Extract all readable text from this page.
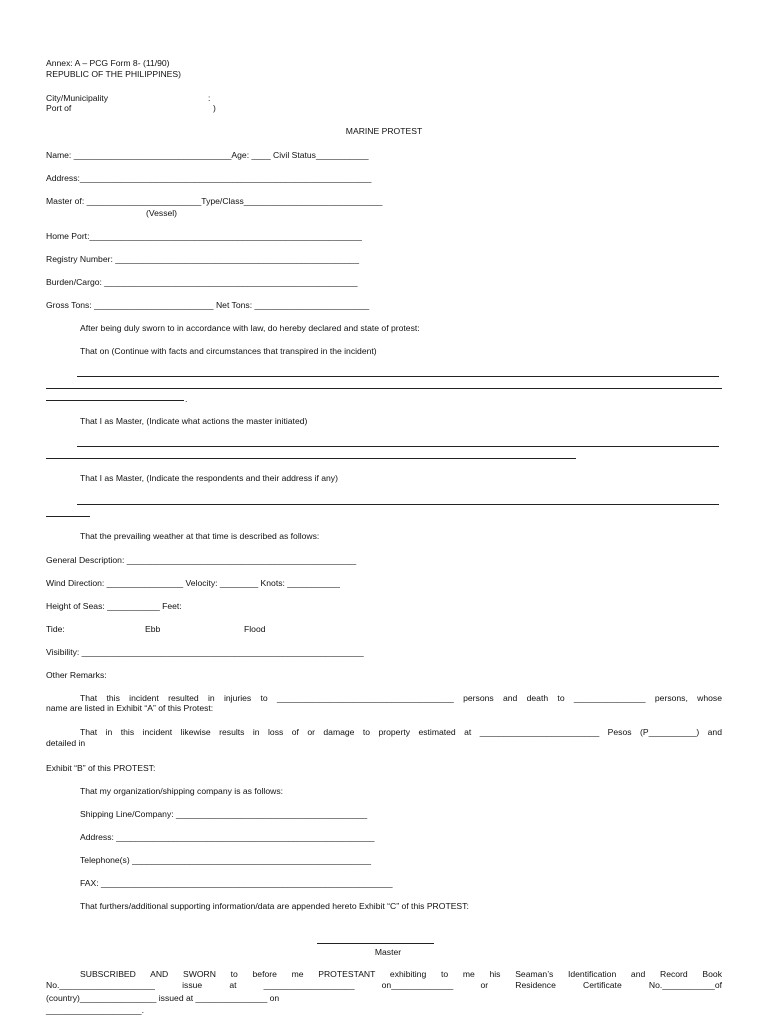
Annex: A – PCG Form 8- (11/90)
REPUBLIC OF THE PHILIPPINES)
City/Municipality	:
Port of	)
MARINE PROTEST
Name: _________________________________Age: ____ Civil Status___________
Address:_____________________________________________________________
Master of: ________________________Type/Class_____________________________
(Vessel)
Home Port:_________________________________________________________
Registry Number: ___________________________________________________
Burden/Cargo: _____________________________________________________
Gross Tons: _________________________ Net Tons: ________________________
After being duly sworn to in accordance with law, do hereby declared and state of protest:
That on (Continue with facts and circumstances that transpired in the incident)
.
That I as Master, (Indicate what actions the master initiated)
That I as Master, (Indicate the respondents and their address if any)
That the prevailing weather at that time is described as follows:
General Description: ________________________________________________
Wind Direction: ________________ Velocity: ________ Knots: ___________
Height of Seas: ___________ Feet:
Tide:	Ebb	Flood
Visibility: ___________________________________________________________
Other Remarks:
That this incident resulted in injuries to _____________________________________ persons and death to _______________ persons, whose
name are listed in Exhibit “A” of this Protest:
That in this incident likewise results in loss of or damage to property estimated at _________________________ Pesos (P__________) and
detailed in
Exhibit “B” of this PROTEST:
That my organization/shipping company is as follows:
Shipping Line/Company: ________________________________________
Address: ______________________________________________________
Telephone(s) __________________________________________________
FAX: _____________________________________________________________
That furthers/additional supporting information/data are appended hereto Exhibit “C” of this PROTEST:
Master
SUBSCRIBED AND SWORN to before me PROTESTANT exhibiting to me his Seaman’s Identification and Record Book
No.____________________ issue at ___________________ on_____________ or Residence Certificate No.___________of
(country)________________ issued at _______________ on
____________________.
